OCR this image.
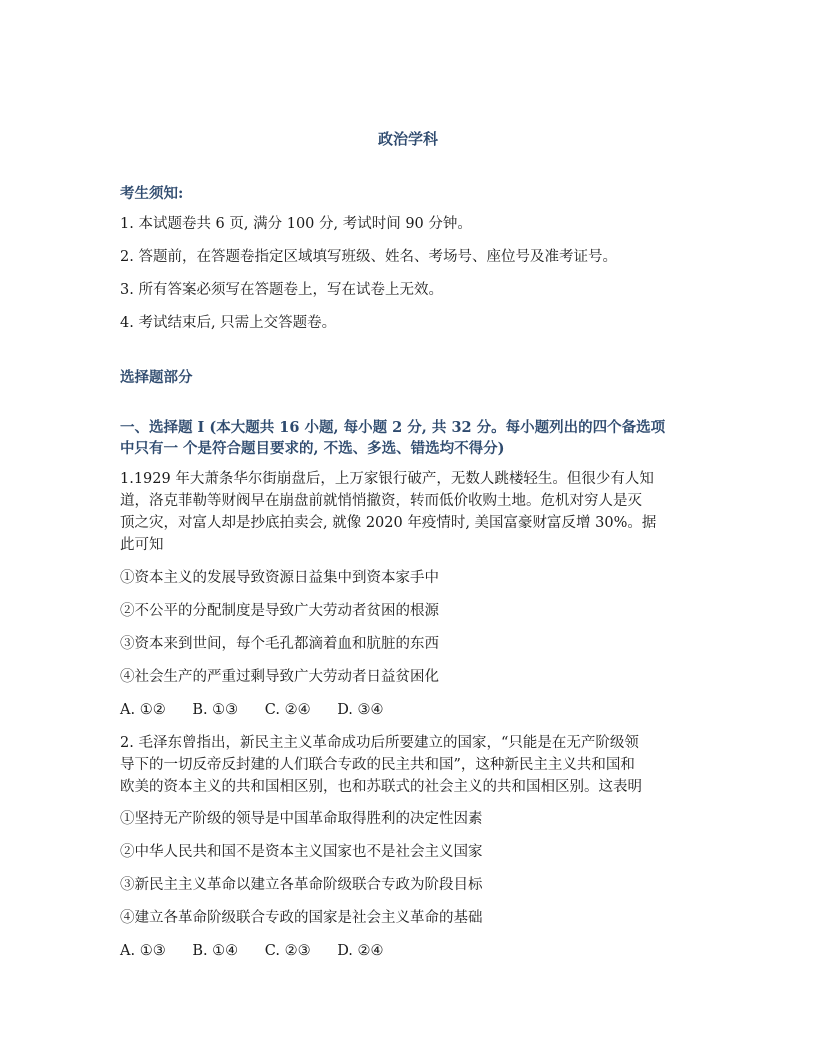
政治学科
考生须知:
1. 本试题卷共 6 页, 满分 100 分, 考试时间 90 分钟。
2. 答题前，在答题卷指定区域填写班级、姓名、考场号、座位号及准考证号。
3. 所有答案必须写在答题卷上，写在试卷上无效。
4. 考试结束后, 只需上交答题卷。
选择题部分
一、选择题 I (本大题共 16 小题, 每小题 2 分, 共 32 分。每小题列出的四个备选项
中只有一 个是符合题目要求的, 不选、多选、错选均不得分)
1.1929 年大萧条华尔街崩盘后，上万家银行破产，无数人跳楼轻生。但很少有人知
道，洛克菲勒等财阀早在崩盘前就悄悄撤资，转而低价收购土地。危机对穷人是灭
顶之灾，对富人却是抄底拍卖会, 就像 2020 年疫情时, 美国富豪财富反增 30%。据
此可知
①资本主义的发展导致资源日益集中到资本家手中
②不公平的分配制度是导致广大劳动者贫困的根源
③资本来到世间，每个毛孔都滴着血和肮脏的东西
④社会生产的严重过剩导致广大劳动者日益贫困化
A. ①② B. ①③ C. ②④ D. ③④
2. 毛泽东曾指出，新民主主义革命成功后所要建立的国家，“只能是在无产阶级领
导下的一切反帝反封建的人们联合专政的民主共和国”，这种新民主主义共和国和
欧美的资本主义的共和国相区别，也和苏联式的社会主义的共和国相区别。这表明
①坚持无产阶级的领导是中国革命取得胜利的决定性因素
②中华人民共和国不是资本主义国家也不是社会主义国家
③新民主主义革命以建立各革命阶级联合专政为阶段目标
④建立各革命阶级联合专政的国家是社会主义革命的基础
A. ①③ B. ①④ C. ②③ D. ②④
